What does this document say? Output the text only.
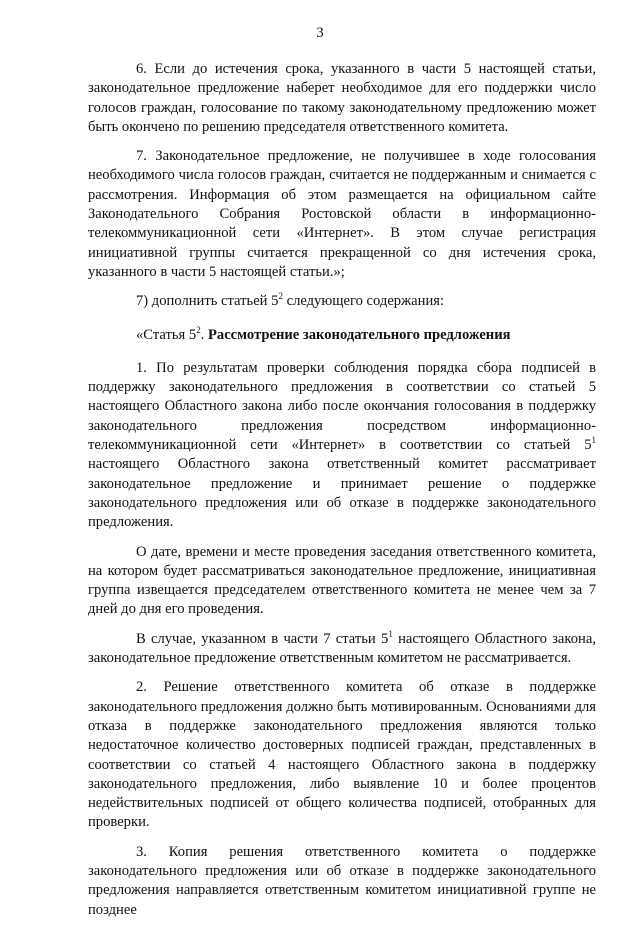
3

6. Если до истечения срока, указанного в части 5 настоящей статьи, законодательное предложение наберет необходимое для его поддержки число голосов граждан, голосование по такому законодательному предложению может быть окончено по решению председателя ответственного комитета.

7. Законодательное предложение, не получившее в ходе голосования необходимого числа голосов граждан, считается не поддержанным и снимается с рассмотрения. Информация об этом размещается на официальном сайте Законодательного Собрания Ростовской области в информационно-телекоммуникационной сети «Интернет». В этом случае регистрация инициативной группы считается прекращенной со дня истечения срока, указанного в части 5 настоящей статьи.»;

7) дополнить статьей $5^2$ следующего содержания:

«Статья $5^2$. Рассмотрение законодательного предложения

1. По результатам проверки соблюдения порядка сбора подписей в поддержку законодательного предложения в соответствии со статьей 5 настоящего Областного закона либо после окончания голосования в поддержку законодательного предложения посредством информационно-телекоммуникационной сети «Интернет» в соответствии со статьей $5^1$ настоящего Областного закона ответственный комитет рассматривает законодательное предложение и принимает решение о поддержке законодательного предложения или об отказе в поддержке законодательного предложения.

О дате, времени и месте проведения заседания ответственного комитета, на котором будет рассматриваться законодательное предложение, инициативная группа извещается председателем ответственного комитета не менее чем за 7 дней до дня его проведения.

В случае, указанном в части 7 статьи $5^1$ настоящего Областного закона, законодательное предложение ответственным комитетом не рассматривается.

2. Решение ответственного комитета об отказе в поддержке законодательного предложения должно быть мотивированным. Основаниями для отказа в поддержке законодательного предложения являются только недостаточное количество достоверных подписей граждан, представленных в соответствии со статьей 4 настоящего Областного закона в поддержку законодательного предложения, либо выявление 10 и более процентов недействительных подписей от общего количества подписей, отобранных для проверки.

3. Копия решения ответственного комитета о поддержке законодательного предложения или об отказе в поддержке законодательного предложения направляется ответственным комитетом инициативной группе не позднее
